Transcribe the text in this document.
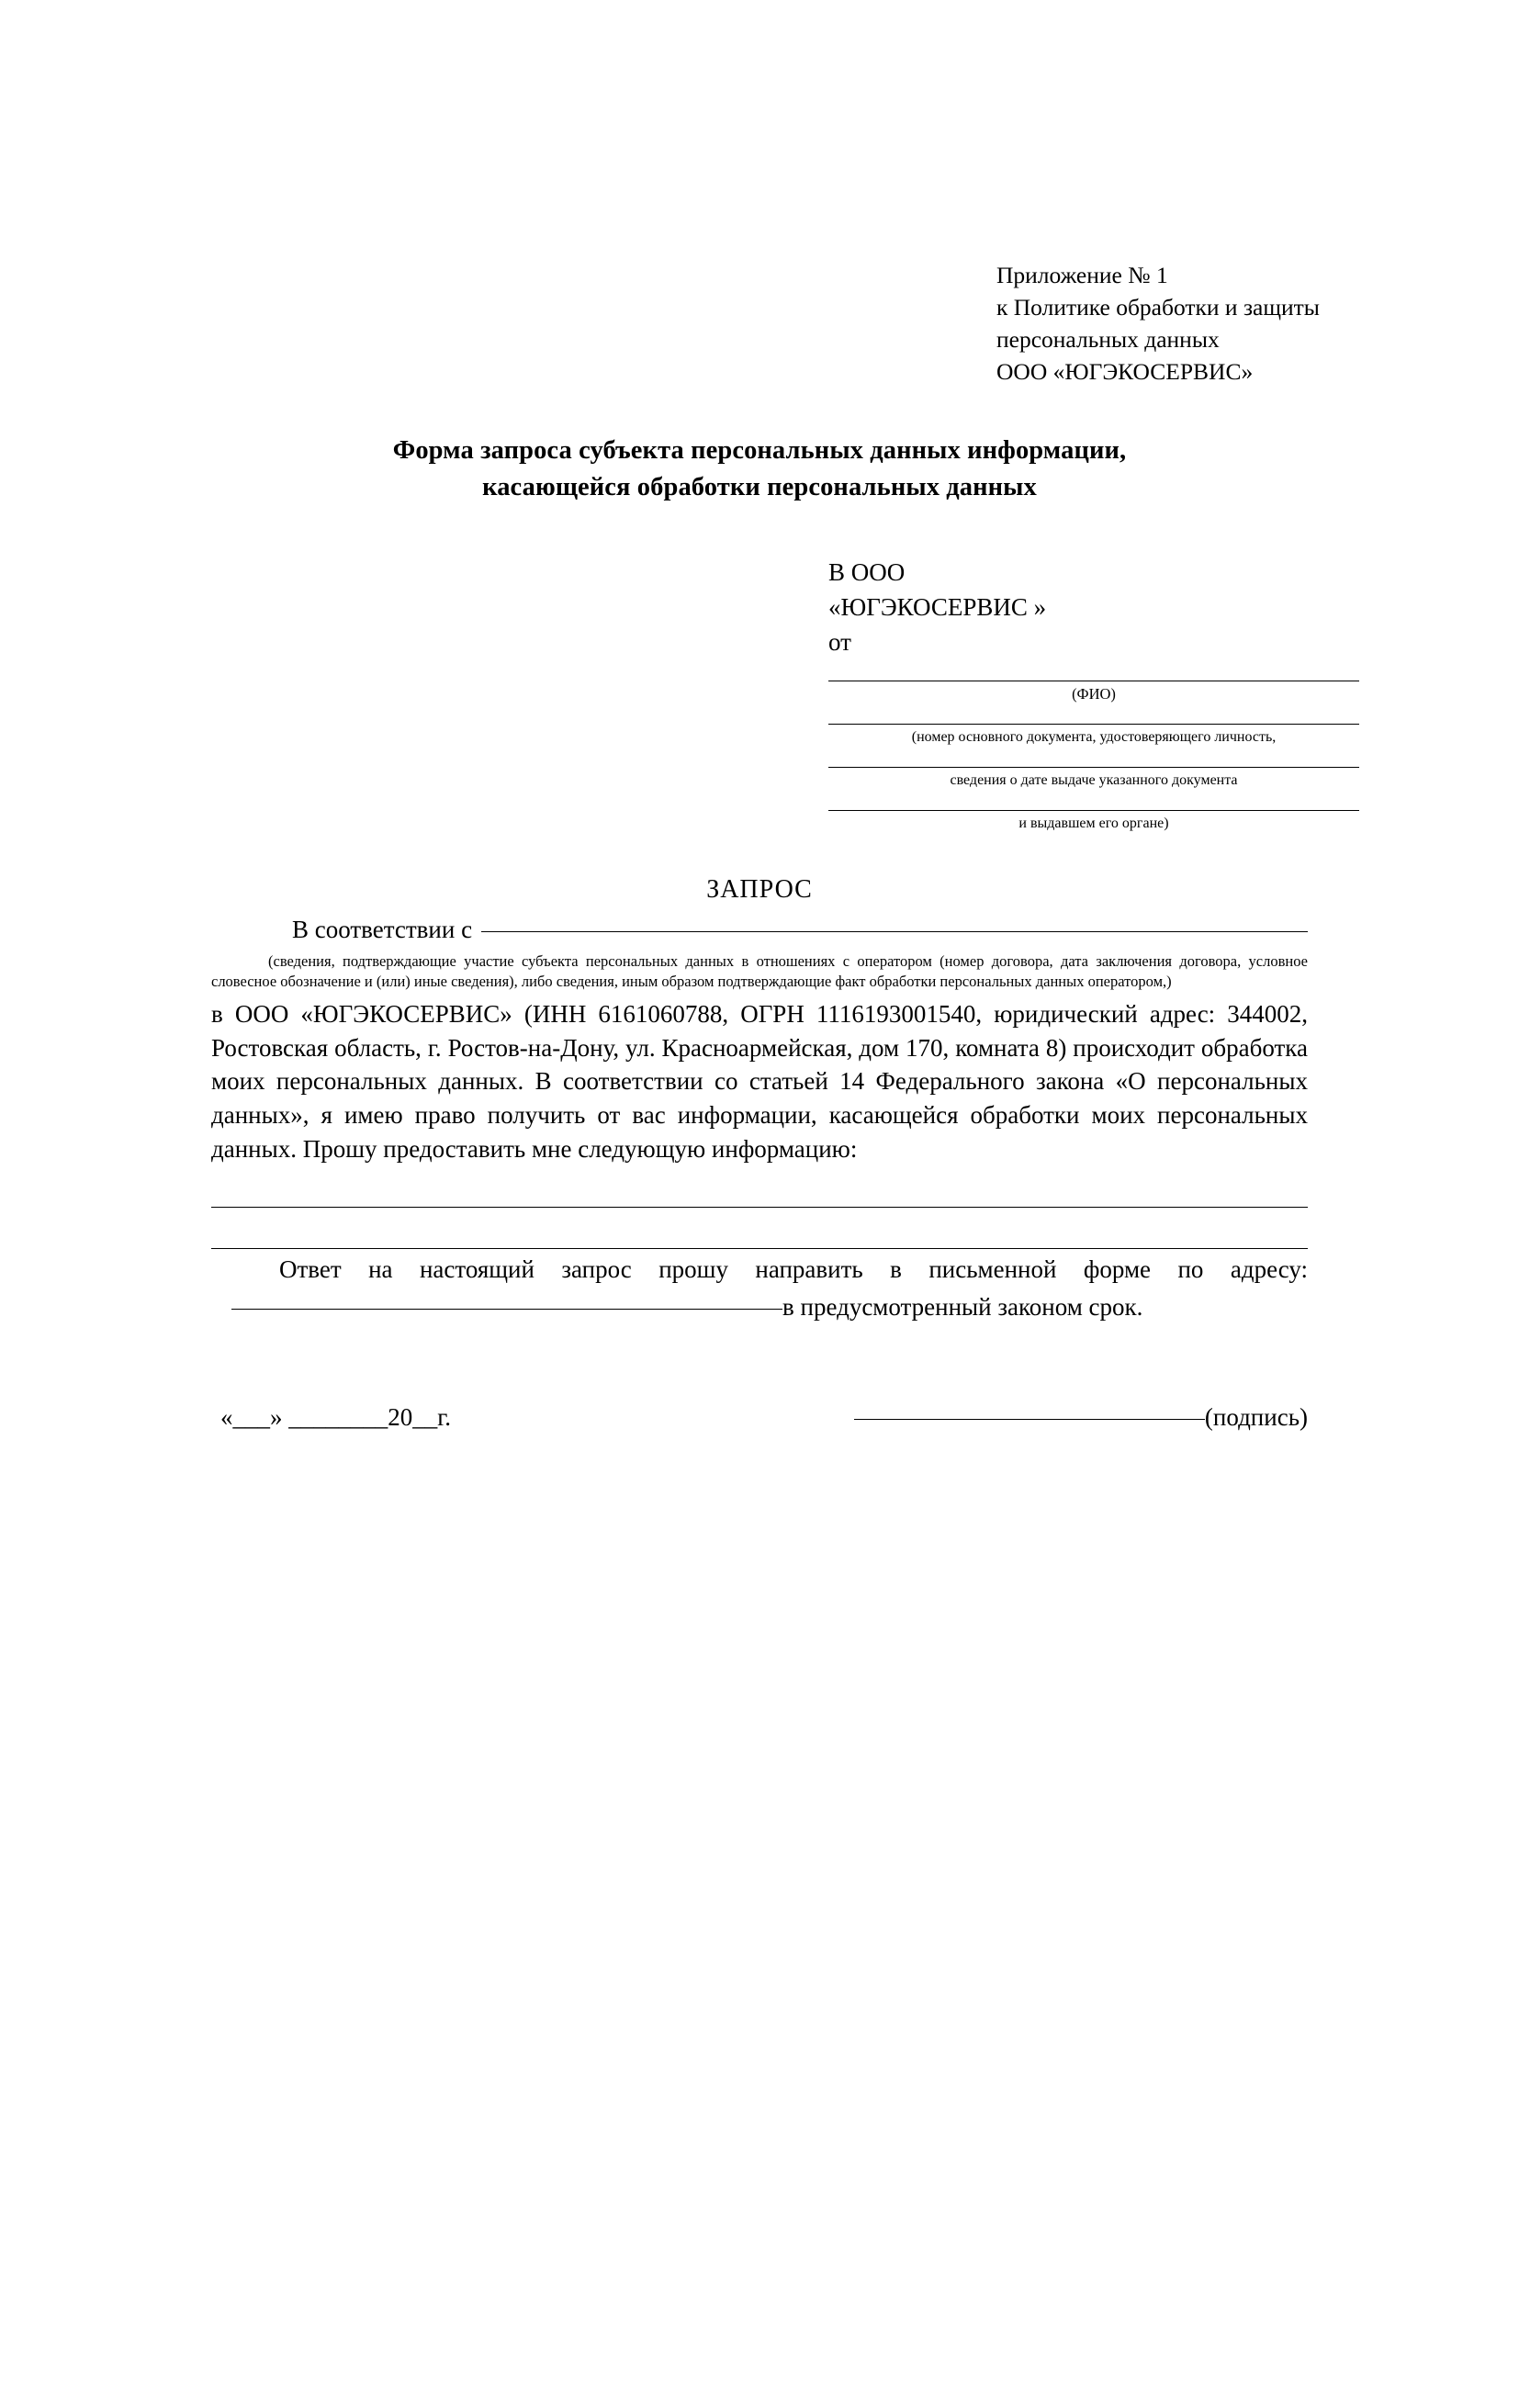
Приложение № 1
к Политике обработки и защиты
персональных данных
ООО «ЮГЭКОСЕРВИС»
Форма запроса субъекта персональных данных информации,
касающейся обработки персональных данных
В ООО
«ЮГЭКОСЕРВИС »
от
(ФИО)
(номер основного документа, удостоверяющего личность,
сведения о дате выдаче указанного документа
и выдавшем его органе)
ЗАПРОС
В соответствии с
(сведения, подтверждающие участие субъекта персональных данных в отношениях с оператором (номер договора, дата заключения договора, условное словесное обозначение и (или) иные сведения), либо сведения, иным образом подтверждающие факт обработки персональных данных оператором,)
в ООО «ЮГЭКОСЕРВИС» (ИНН 6161060788, ОГРН 1116193001540, юридический адрес: 344002, Ростовская область, г. Ростов-на-Дону, ул. Красноармейская, дом 170, комната 8) происходит обработка моих персональных данных. В соответствии со статьей 14 Федерального закона «О персональных данных», я имею право получить от вас информации, касающейся обработки моих персональных данных. Прошу предоставить мне следующую информацию:
Ответ на настоящий запрос прошу направить в письменной форме по адресу:
в предусмотренный законом срок.
«___» ________20__г.	(подпись)
